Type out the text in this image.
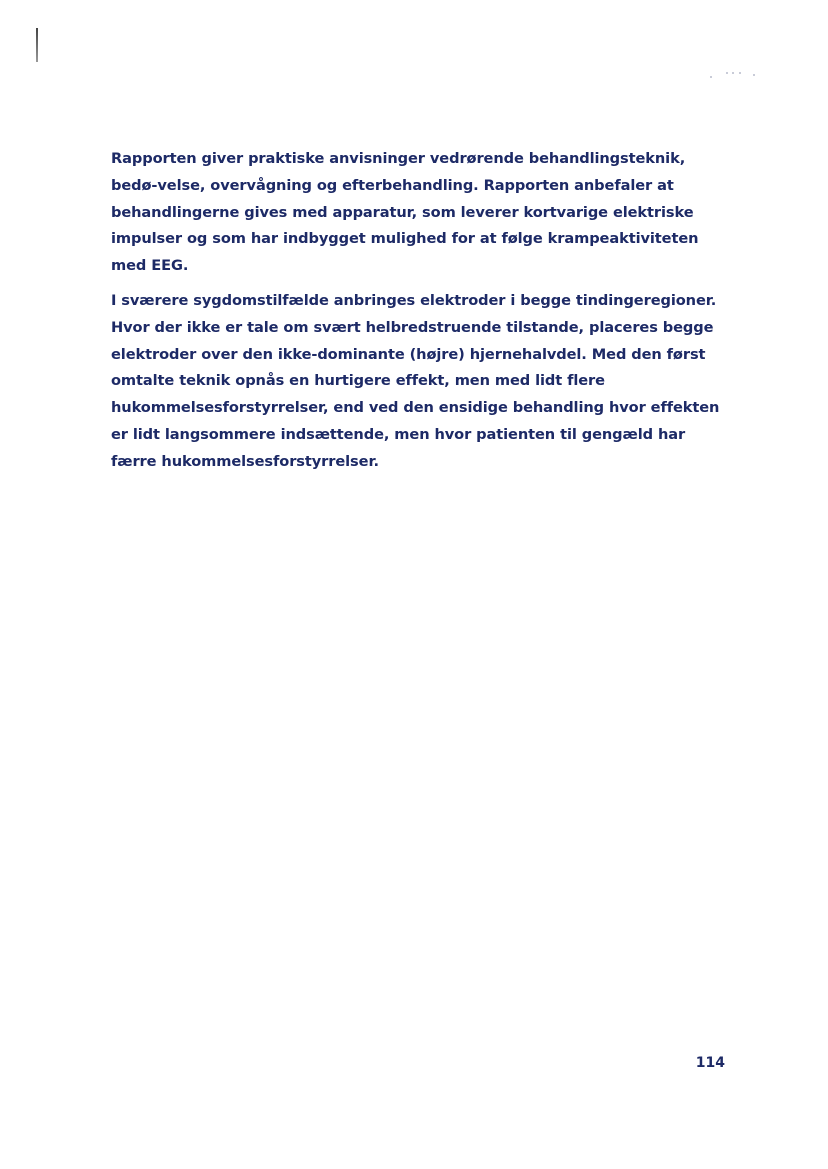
Rapporten giver praktiske anvisninger vedrørende behandlingsteknik, bedø-velse, overvågning og efterbehandling. Rapporten anbefaler at behandlingerne gives med apparatur, som leverer kortvarige elektriske impulser og som har indbygget mulighed for at følge krampeaktiviteten med EEG.

I sværere sygdomstilfælde anbringes elektroder i begge tindingeregioner. Hvor der ikke er tale om svært helbredstruende tilstande, placeres begge elektroder over den ikke-dominante (højre) hjernehalvdel. Med den først omtalte teknik opnås en hurtigere effekt, men med lidt flere hukommelsesforstyrrelser, end ved den ensidige behandling hvor effekten er lidt langsommere indsættende, men hvor patienten til gengæld har færre hukommelsesforstyrrelser.

114
